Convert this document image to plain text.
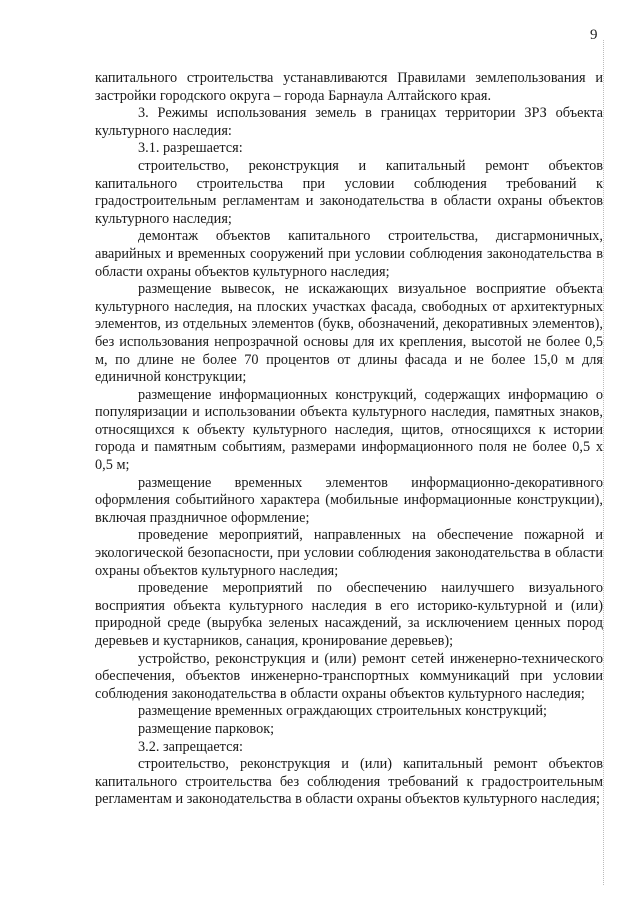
9

капитального строительства устанавливаются Правилами землепользования и застройки городского округа – города Барнаула Алтайского края.

3. Режимы использования земель в границах территории ЗРЗ объекта культурного наследия:

3.1. разрешается:

строительство, реконструкция и капитальный ремонт объектов капитального строительства при условии соблюдения требований к градостроительным регламентам и законодательства в области охраны объектов культурного наследия;

демонтаж объектов капитального строительства, дисгармоничных, аварийных и временных сооружений при условии соблюдения законодательства в области охраны объектов культурного наследия;

размещение вывесок, не искажающих визуальное восприятие объекта культурного наследия, на плоских участках фасада, свободных от архитектурных элементов, из отдельных элементов (букв, обозначений, декоративных элементов), без использования непрозрачной основы для их крепления, высотой не более 0,5 м, по длине не более 70 процентов от длины фасада и не более 15,0 м для единичной конструкции;

размещение информационных конструкций, содержащих информацию о популяризации и использовании объекта культурного наследия, памятных знаков, относящихся к объекту культурного наследия, щитов, относящихся к истории города и памятным событиям, размерами информационного поля не более 0,5 х 0,5 м;

размещение временных элементов информационно-декоративного оформления событийного характера (мобильные информационные конструкции), включая праздничное оформление;

проведение мероприятий, направленных на обеспечение пожарной и экологической безопасности, при условии соблюдения законодательства в области охраны объектов культурного наследия;

проведение мероприятий по обеспечению наилучшего визуального восприятия объекта культурного наследия в его историко-культурной и (или) природной среде (вырубка зеленых насаждений, за исключением ценных пород деревьев и кустарников, санация, кронирование деревьев);

устройство, реконструкция и (или) ремонт сетей инженерно-технического обеспечения, объектов инженерно-транспортных коммуникаций при условии соблюдения законодательства в области охраны объектов культурного наследия;

размещение временных ограждающих строительных конструкций;

размещение парковок;

3.2. запрещается:

строительство, реконструкция и (или) капитальный ремонт объектов капитального строительства без соблюдения требований к градостроительным регламентам и законодательства в области охраны объектов культурного наследия;
